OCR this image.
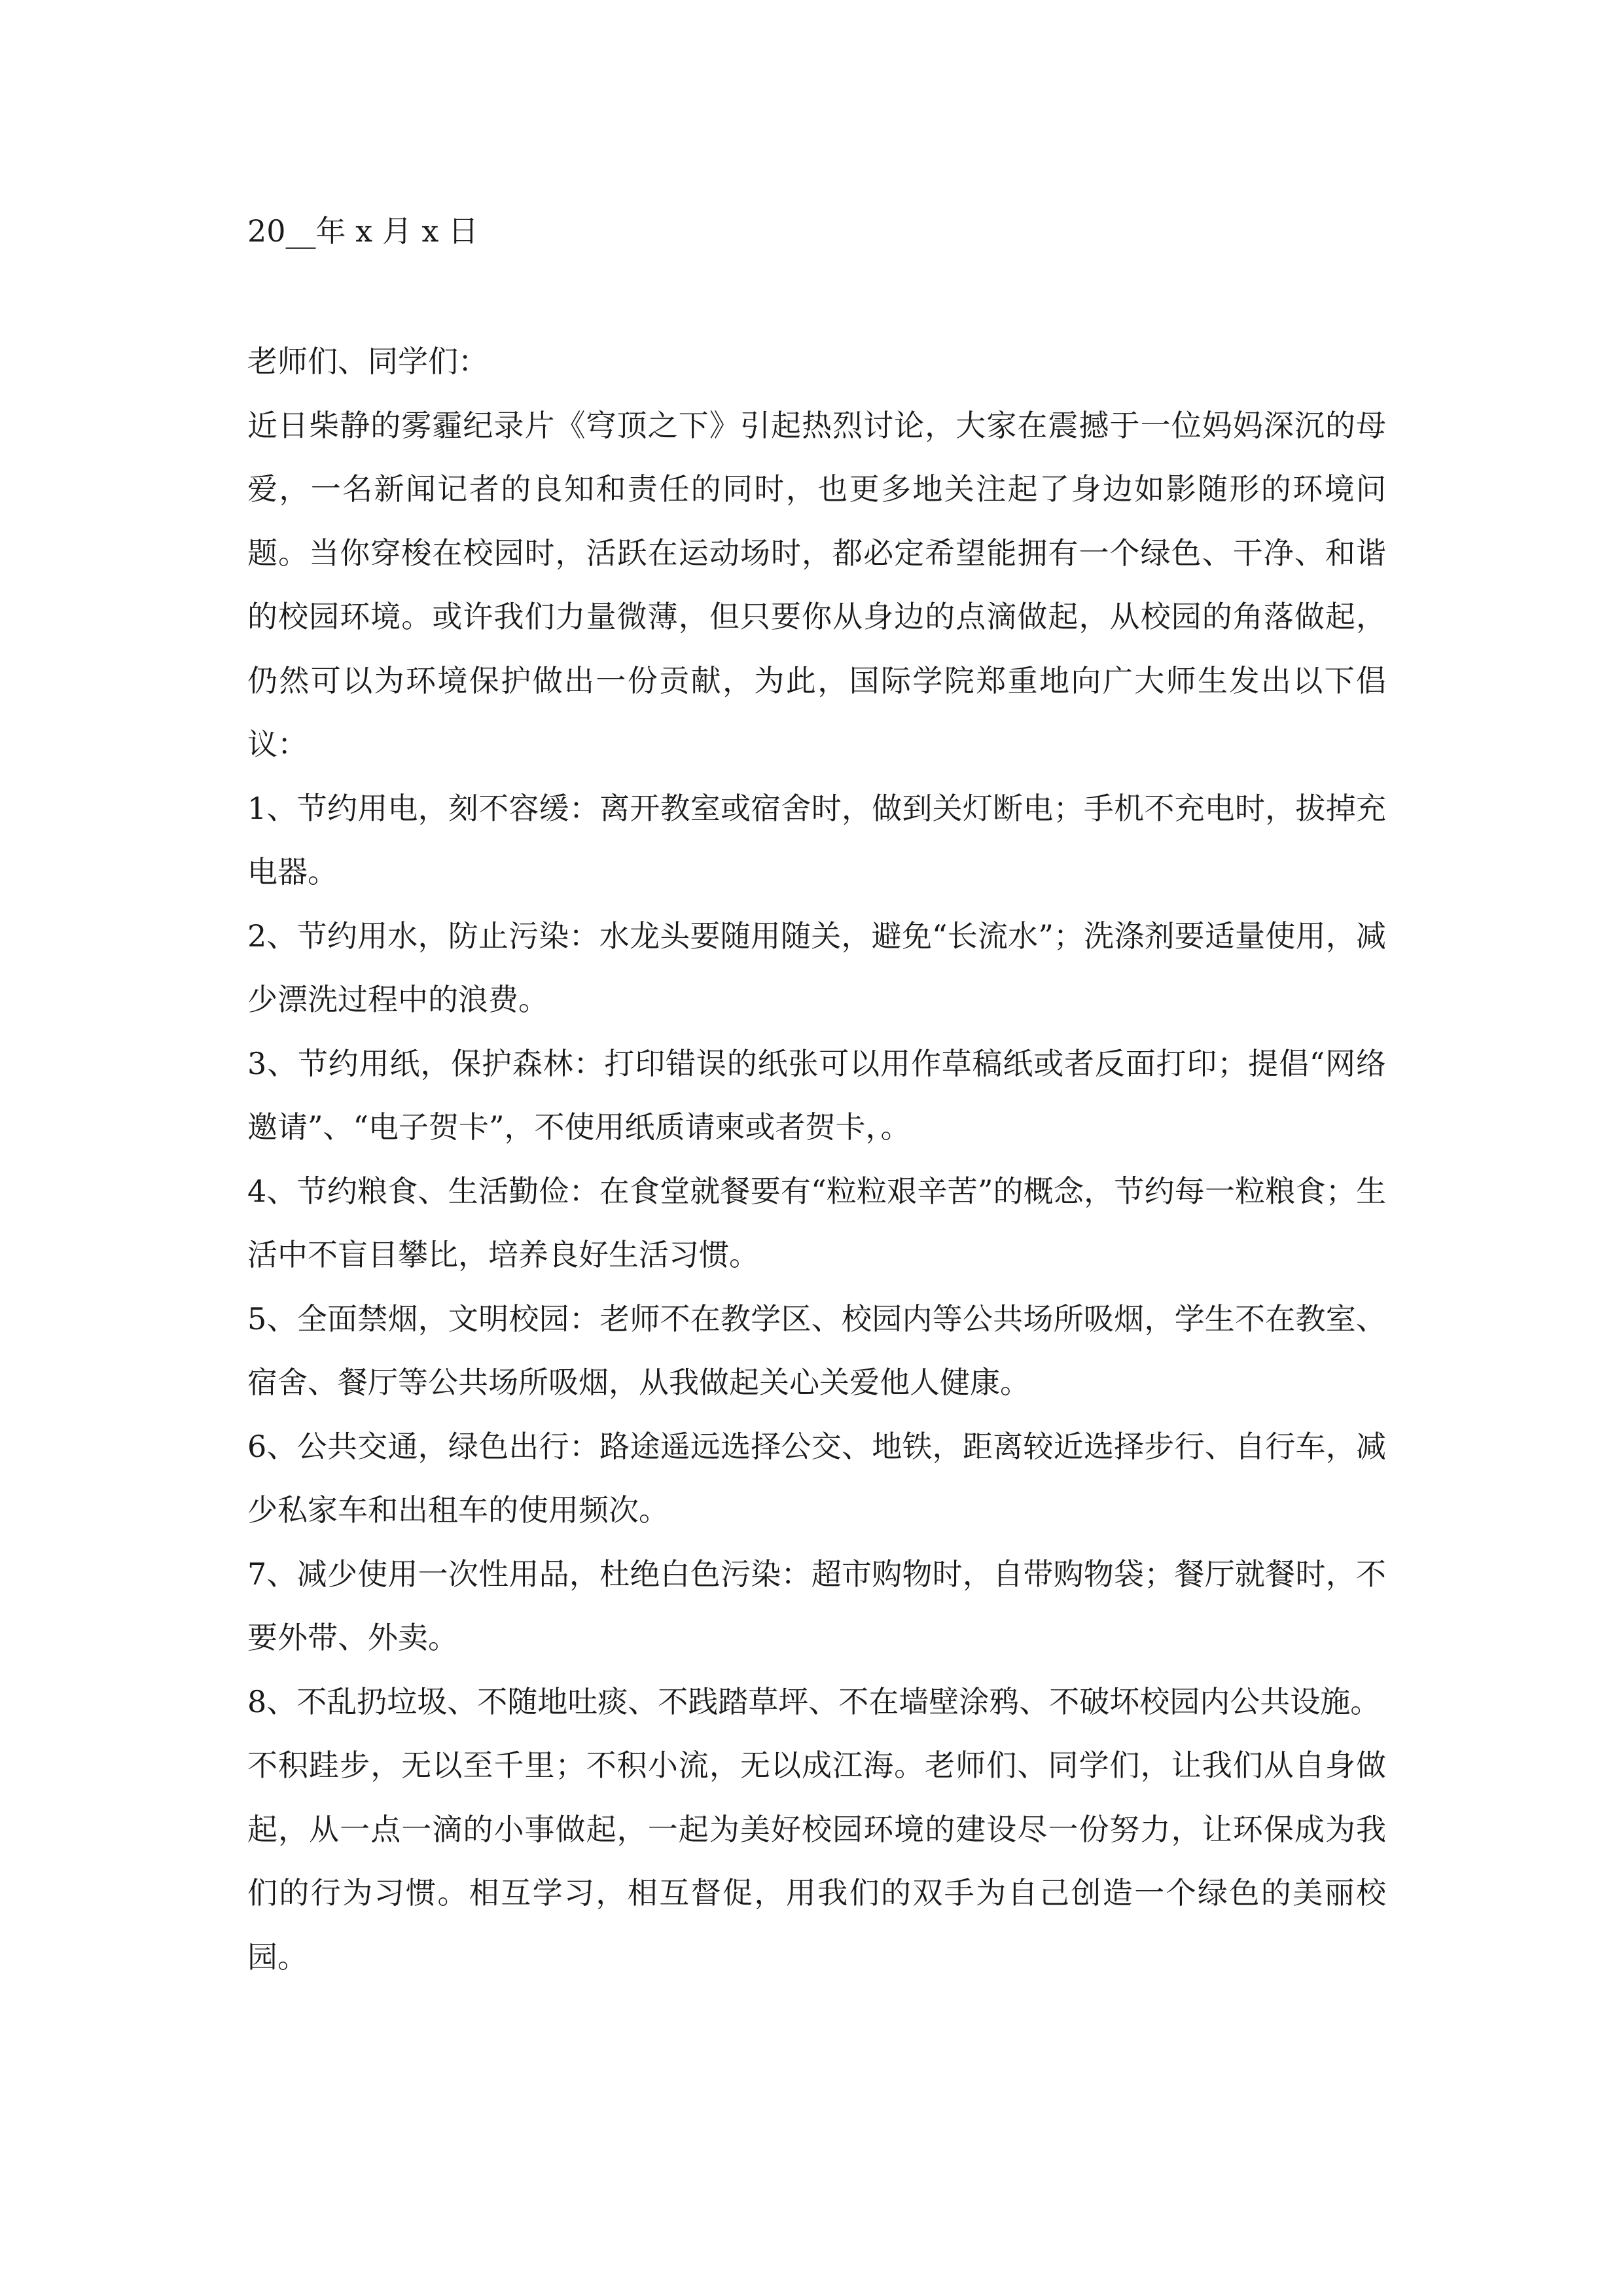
20__年 x 月 x 日

老师们、同学们：

近日柴静的雾霾纪录片《穹顶之下》引起热烈讨论，大家在震撼于一位妈妈深沉的母爱，一名新闻记者的良知和责任的同时，也更多地关注起了身边如影随形的环境问题。当你穿梭在校园时，活跃在运动场时，都必定希望能拥有一个绿色、干净、和谐的校园环境。或许我们力量微薄，但只要你从身边的点滴做起，从校园的角落做起，仍然可以为环境保护做出一份贡献，为此，国际学院郑重地向广大师生发出以下倡议：

1、节约用电，刻不容缓：离开教室或宿舍时，做到关灯断电；手机不充电时，拔掉充电器。

2、节约用水，防止污染：水龙头要随用随关，避免“长流水”；洗涤剂要适量使用，减少漂洗过程中的浪费。

3、节约用纸，保护森林：打印错误的纸张可以用作草稿纸或者反面打印；提倡“网络邀请”、“电子贺卡”，不使用纸质请柬或者贺卡，。

4、节约粮食、生活勤俭：在食堂就餐要有“粒粒艰辛苦”的概念，节约每一粒粮食；生活中不盲目攀比，培养良好生活习惯。

5、全面禁烟，文明校园：老师不在教学区、校园内等公共场所吸烟，学生不在教室、宿舍、餐厅等公共场所吸烟，从我做起关心关爱他人健康。

6、公共交通，绿色出行：路途遥远选择公交、地铁，距离较近选择步行、自行车，减少私家车和出租车的使用频次。

7、减少使用一次性用品，杜绝白色污染：超市购物时，自带购物袋；餐厅就餐时，不要外带、外卖。

8、不乱扔垃圾、不随地吐痰、不践踏草坪、不在墙壁涂鸦、不破坏校园内公共设施。

不积跬步，无以至千里；不积小流，无以成江海。老师们、同学们，让我们从自身做起，从一点一滴的小事做起，一起为美好校园环境的建设尽一份努力，让环保成为我们的行为习惯。相互学习，相互督促，用我们的双手为自己创造一个绿色的美丽校园。
